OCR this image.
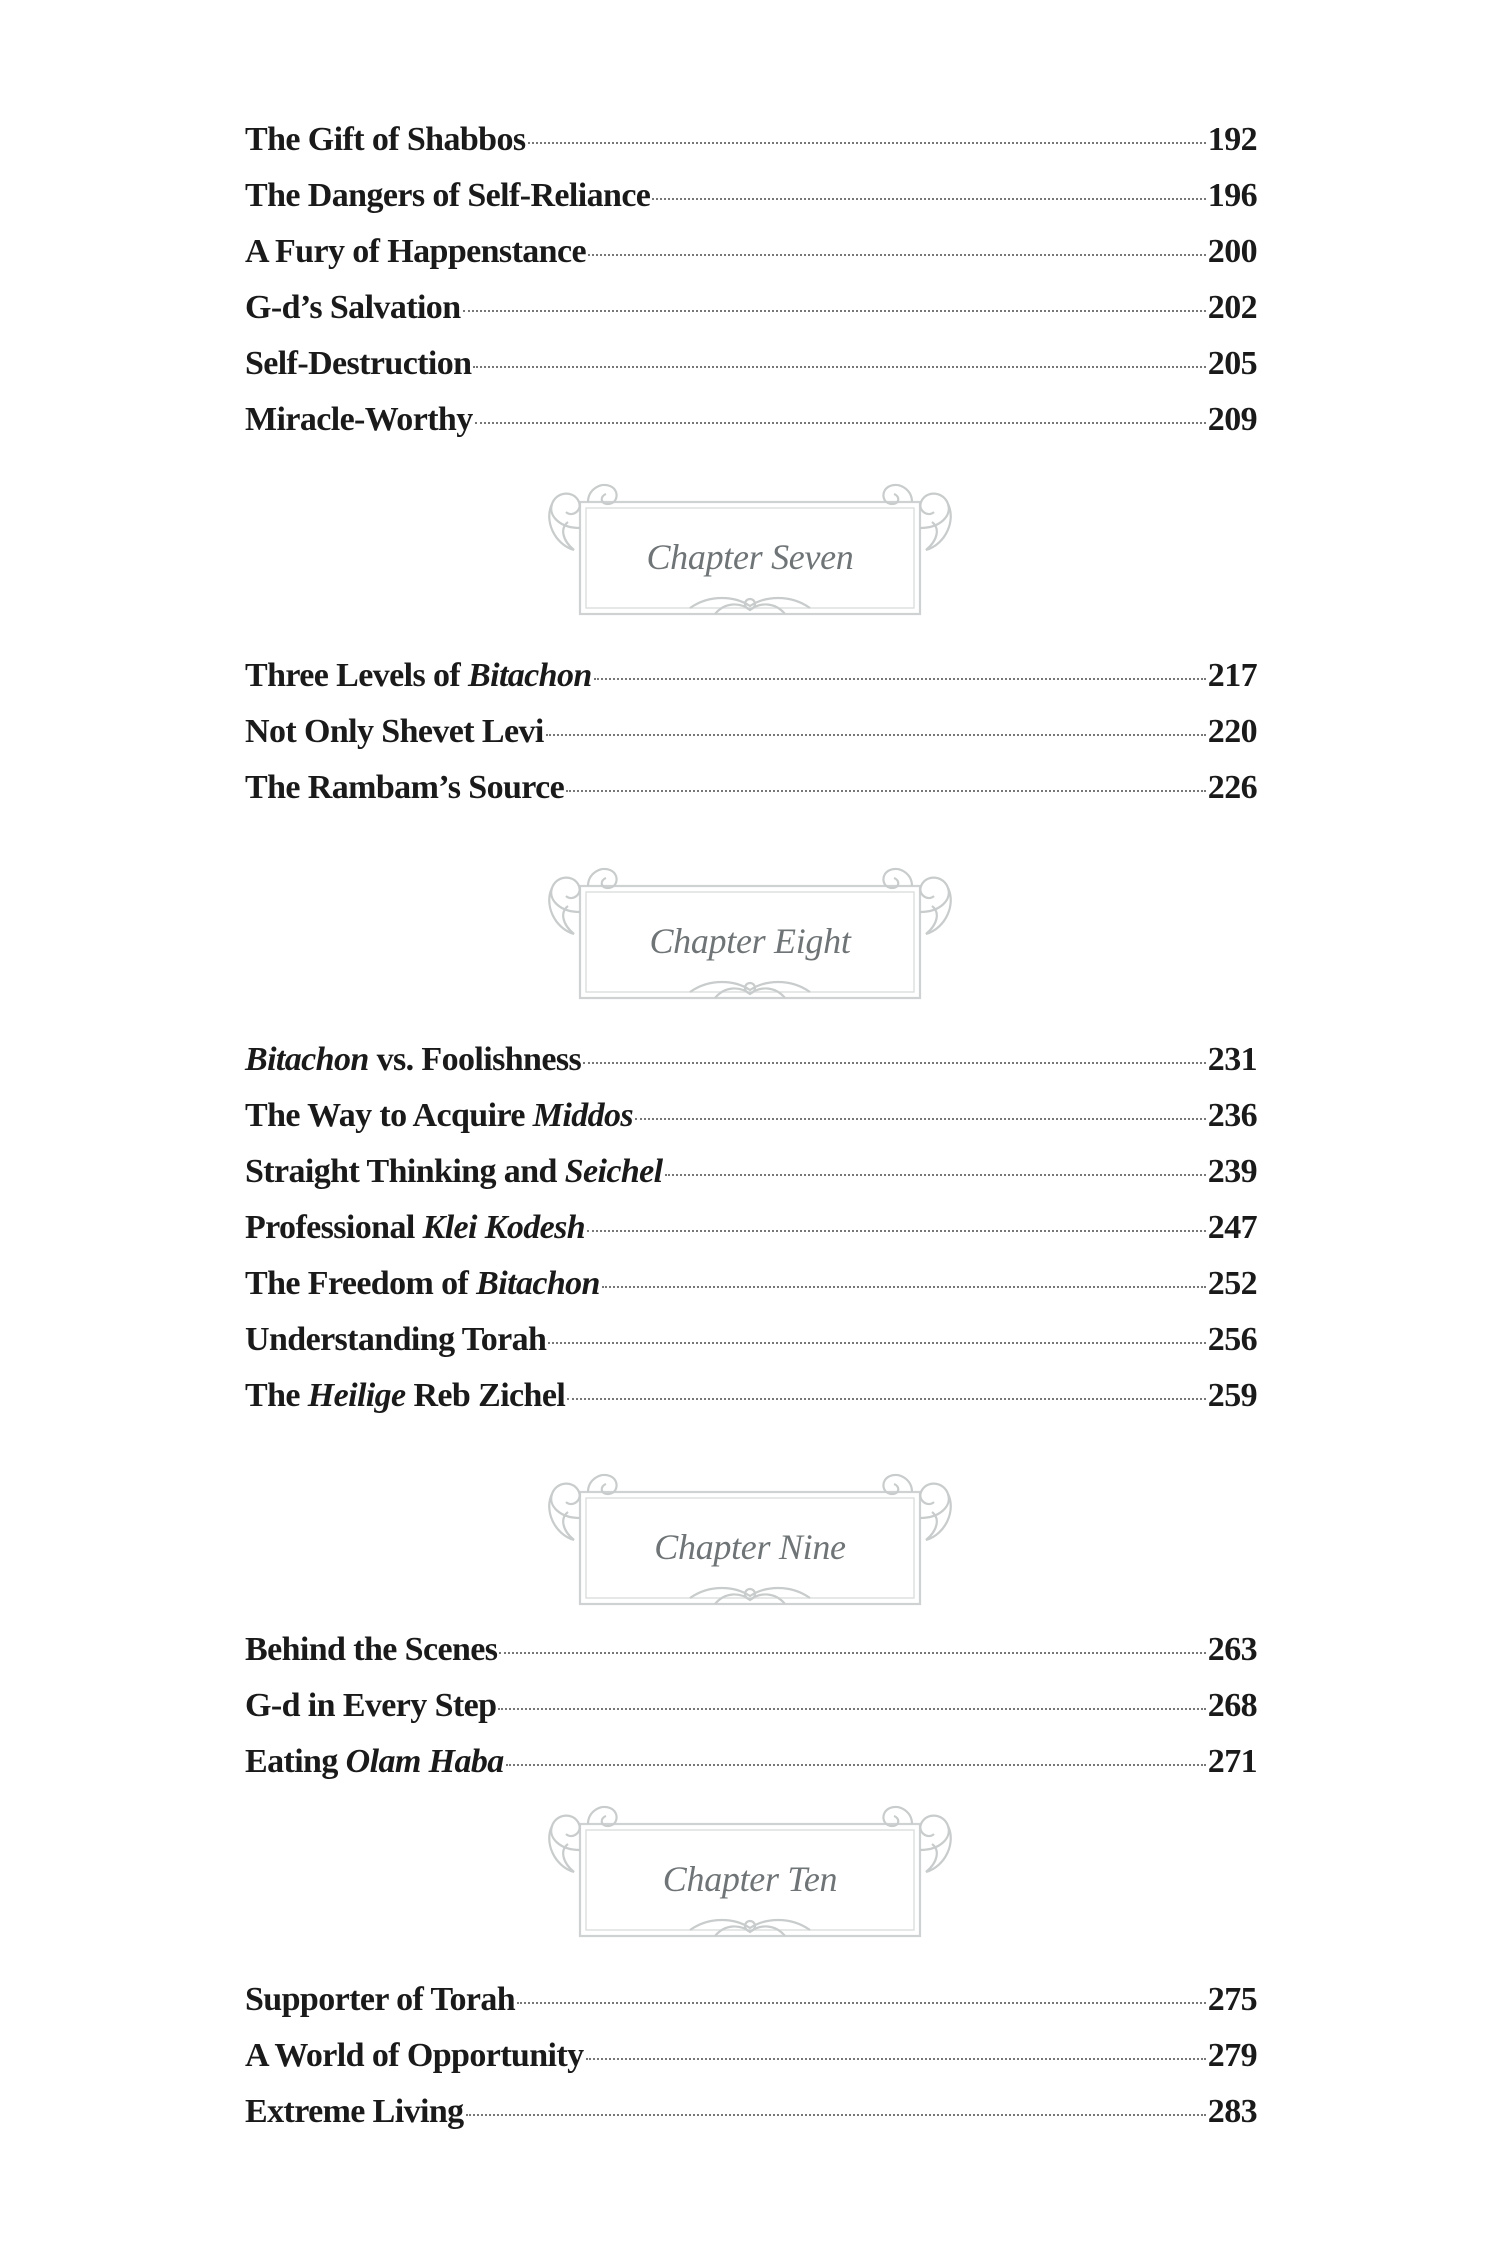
The Gift of Shabbos	192
The Dangers of Self-Reliance	196
A Fury of Happenstance	200
G-d’s Salvation	202
Self-Destruction	205
Miracle-Worthy	209
Chapter Seven
Three Levels of Bitachon	217
Not Only Shevet Levi	220
The Rambam’s Source	226
Chapter Eight
Bitachon vs. Foolishness	231
The Way to Acquire Middos	236
Straight Thinking and Seichel	239
Professional Klei Kodesh	247
The Freedom of Bitachon	252
Understanding Torah	256
The Heilige Reb Zichel	259
Chapter Nine
Behind the Scenes	263
G-d in Every Step	268
Eating Olam Haba	271
Chapter Ten
Supporter of Torah	275
A World of Opportunity	279
Extreme Living	283
